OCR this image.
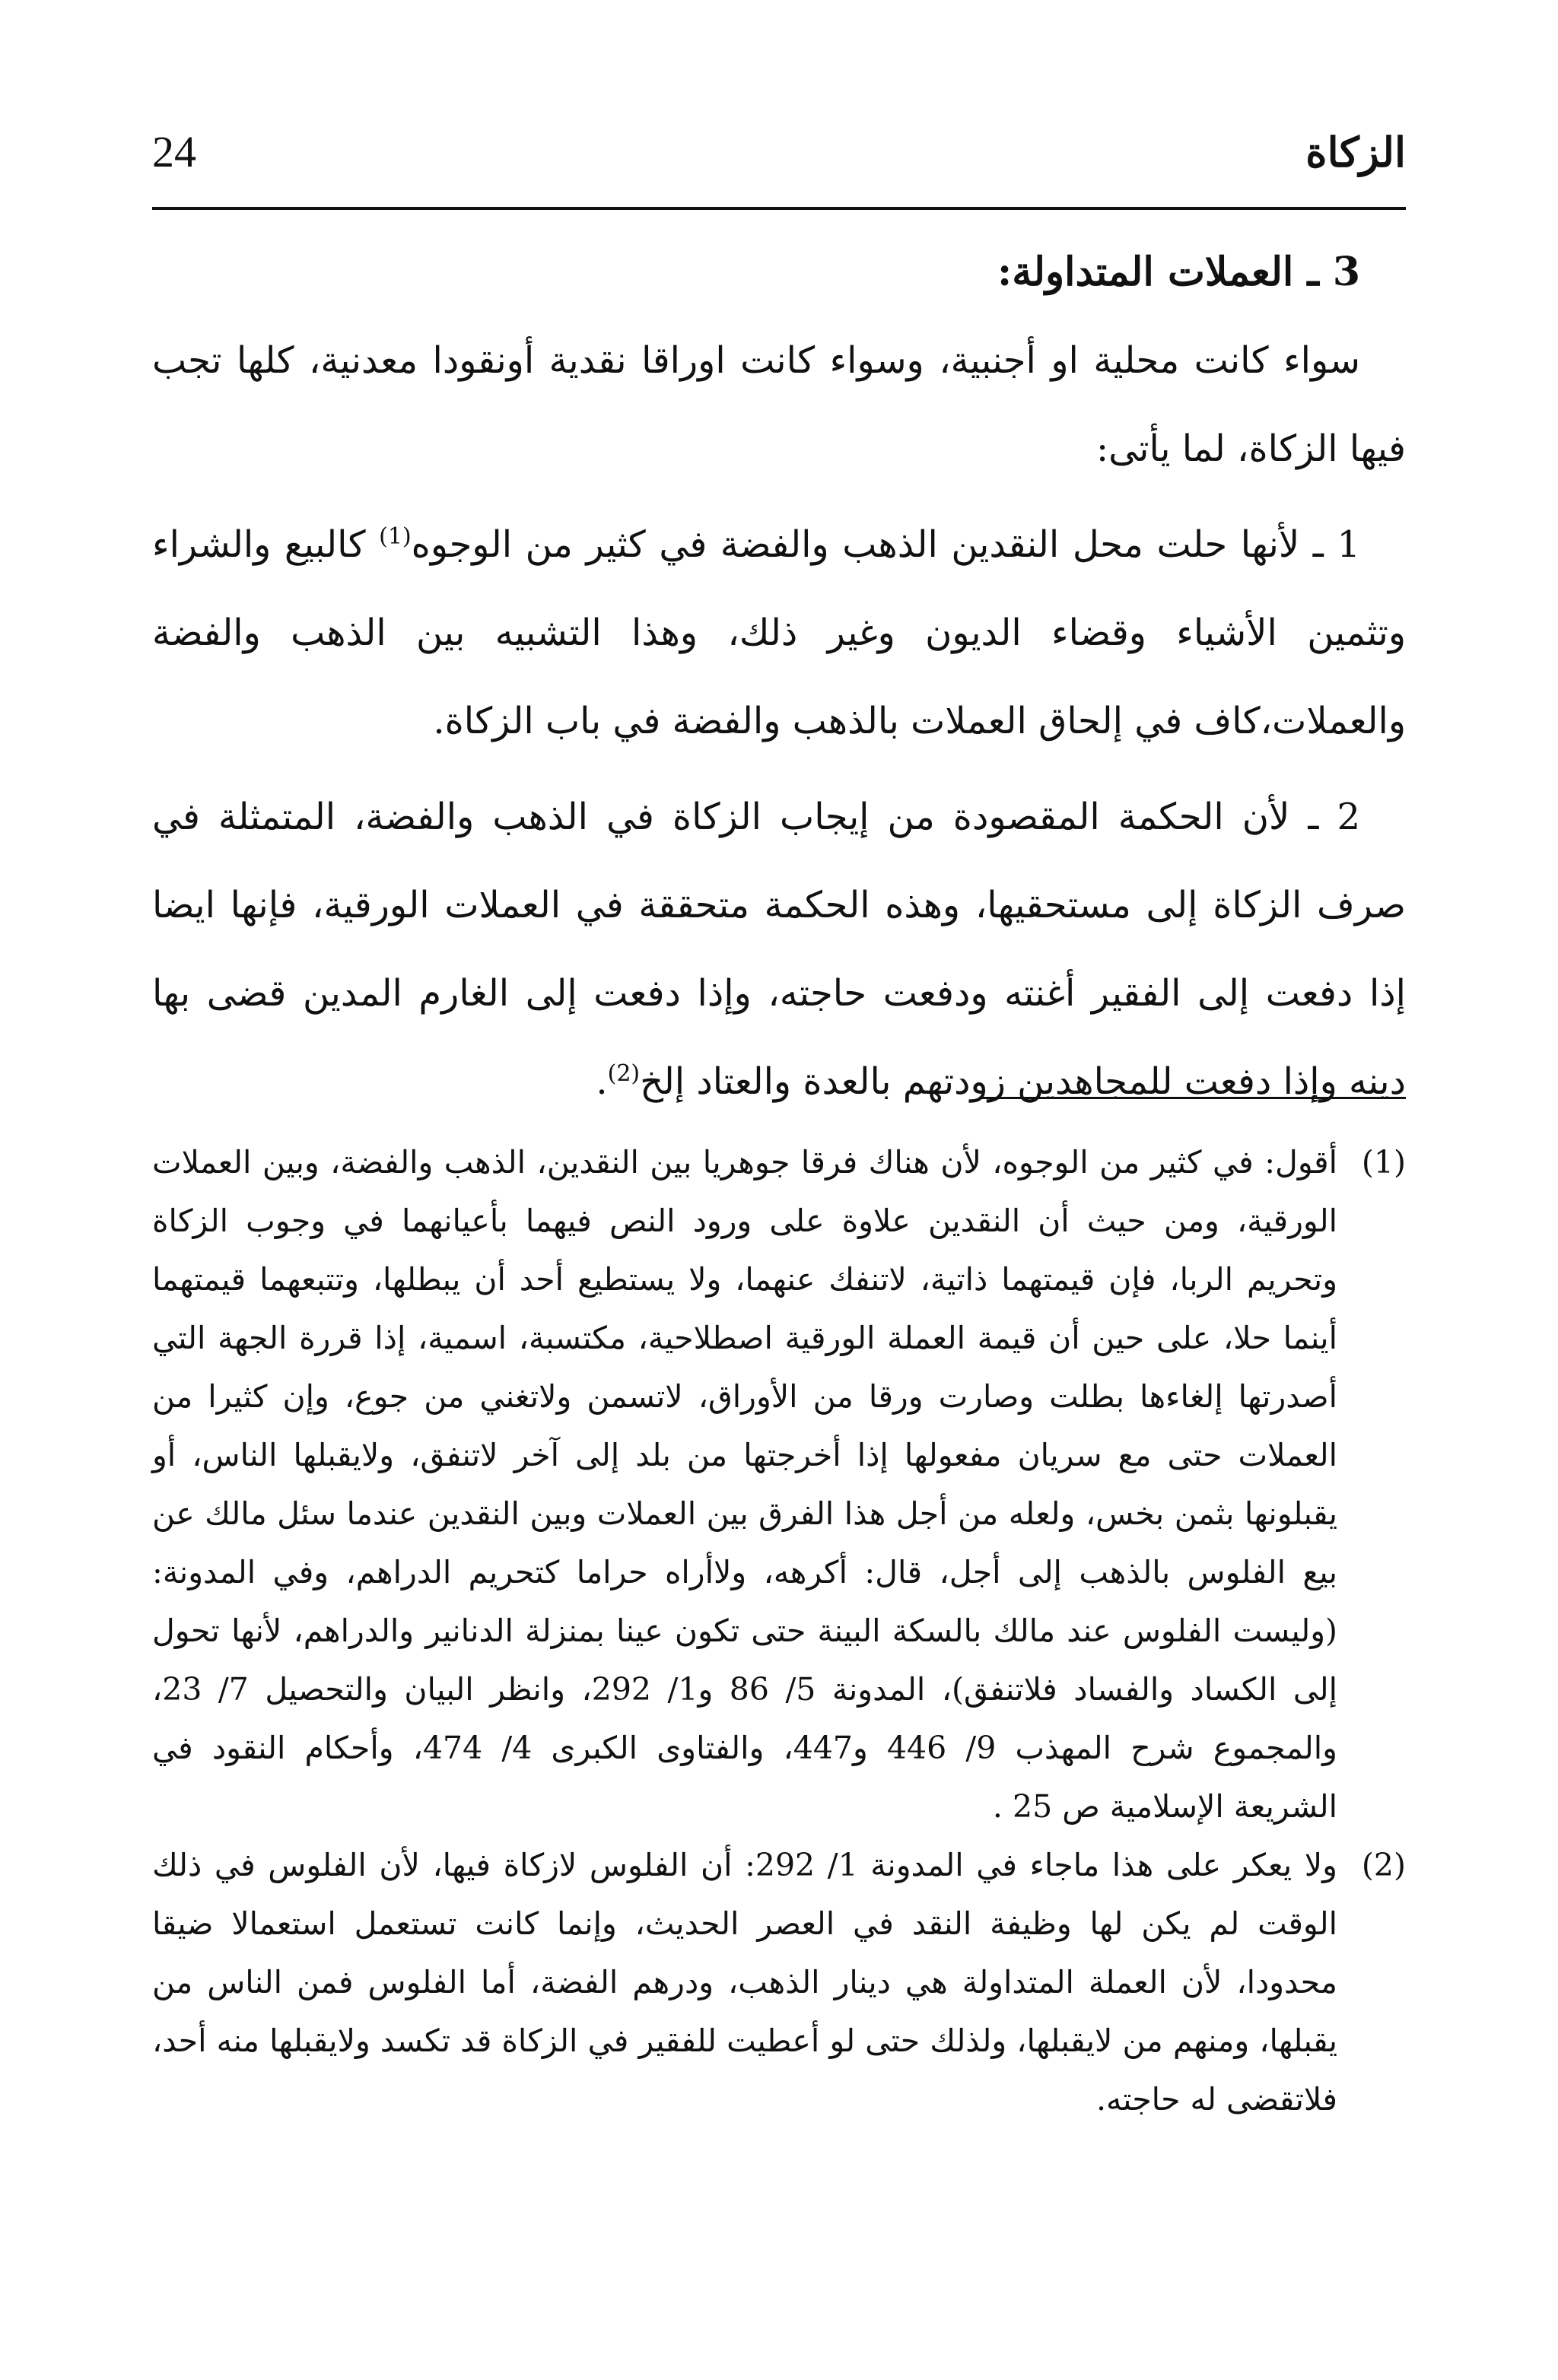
24	الزكاة

3 ـ العملات المتداولة:

سواء كانت محلية او أجنبية، وسواء كانت اوراقا نقدية أونقودا معدنية، كلها تجب فيها الزكاة، لما يأتى:

1 ـ لأنها حلت محل النقدين الذهب والفضة في كثير من الوجوه$^{(1)}$ كالبيع والشراء وتثمين الأشياء وقضاء الديون وغير ذلك، وهذا التشبيه بين الذهب والفضة والعملات،كاف في إلحاق العملات بالذهب والفضة في باب الزكاة.

2 ـ لأن الحكمة المقصودة من إيجاب الزكاة في الذهب والفضة، المتمثلة في صرف الزكاة إلى مستحقيها، وهذه الحكمة متحققة في العملات الورقية، فإنها ايضا إذا دفعت إلى الفقير أغنته ودفعت حاجته، وإذا دفعت إلى الغارم المدين قضى بها دينه وإذا دفعت للمجاهدين زودتهم بالعدة والعتاد إلخ$^{(2)}$.

(1)
أقول: في كثير من الوجوه، لأن هناك فرقا جوهريا بين النقدين، الذهب والفضة، وبين العملات الورقية، ومن حيث أن النقدين علاوة على ورود النص فيهما بأعيانهما في وجوب الزكاة وتحريم الربا، فإن قيمتهما ذاتية، لاتنفك عنهما، ولا يستطيع أحد أن يبطلها، وتتبعهما قيمتهما أينما حلا، على حين أن قيمة العملة الورقية اصطلاحية، مكتسبة، اسمية، إذا قررة الجهة التي أصدرتها إلغاءها بطلت وصارت ورقا من الأوراق، لاتسمن ولاتغني من جوع، وإن كثيرا من العملات حتى مع سريان مفعولها إذا أخرجتها من بلد إلى آخر لاتنفق، ولايقبلها الناس، أو يقبلونها بثمن بخس، ولعله من أجل هذا الفرق بين العملات وبين النقدين عندما سئل مالك عن بيع الفلوس بالذهب إلى أجل، قال: أكرهه، ولاأراه حراما كتحريم الدراهم، وفي المدونة: (وليست الفلوس عند مالك بالسكة البينة حتى تكون عينا بمنزلة الدنانير والدراهم، لأنها تحول إلى الكساد والفساد فلاتنفق)، المدونة 5/ 86 و1/ 292، وانظر البيان والتحصيل 7/ 23، والمجموع شرح المهذب 9/ 446 و447، والفتاوى الكبرى 4/ 474، وأحكام النقود في الشريعة الإسلامية ص 25 .

(2)
ولا يعكر على هذا ماجاء في المدونة 1/ 292: أن الفلوس لازكاة فيها، لأن الفلوس في ذلك الوقت لم يكن لها وظيفة النقد في العصر الحديث، وإنما كانت تستعمل استعمالا ضيقا محدودا، لأن العملة المتداولة هي دينار الذهب، ودرهم الفضة، أما الفلوس فمن الناس من يقبلها، ومنهم من لايقبلها، ولذلك حتى لو أعطيت للفقير في الزكاة قد تكسد ولايقبلها منه أحد، فلاتقضى له حاجته.
